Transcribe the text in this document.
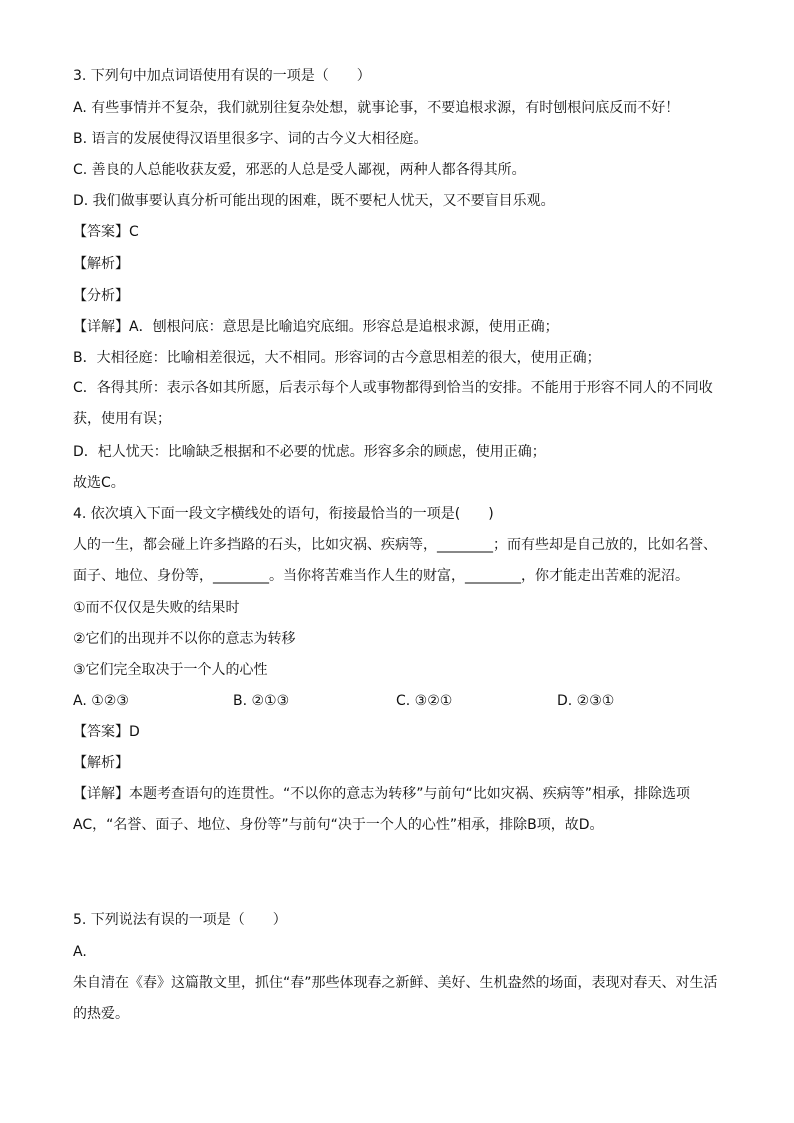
3. 下列句中加点词语使用有误的一项是（　　）
A. 有些事情并不复杂，我们就别往复杂处想，就事论事，不要追根求源，有时刨根问底反而不好！
B. 语言的发展使得汉语里很多字、词的古今义大相径庭。
C. 善良的人总能收获友爱，邪恶的人总是受人鄙视，两种人都各得其所。
D. 我们做事要认真分析可能出现的困难，既不要杞人忧天，又不要盲目乐观。
【答案】C
【解析】
【分析】
【详解】A．刨根问底：意思是比喻追究底细。形容总是追根求源，使用正确；
B．大相径庭：比喻相差很远，大不相同。形容词的古今意思相差的很大，使用正确；
C．各得其所：表示各如其所愿，后表示每个人或事物都得到恰当的安排。不能用于形容不同人的不同收获，使用有误；
D．杞人忧天：比喻缺乏根据和不必要的忧虑。形容多余的顾虑，使用正确；
故选C。
4. 依次填入下面一段文字横线处的语句，衔接最恰当的一项是(　　)
人的一生，都会碰上许多挡路的石头，比如灾祸、疾病等，________；而有些却是自己放的，比如名誉、面子、地位、身份等，________。当你将苦难当作人生的财富，________，你才能走出苦难的泥沼。
①而不仅仅是失败的结果时
②它们的出现并不以你的意志为转移
③它们完全取决于一个人的心性
A. ①②③	B. ②①③	C. ③②①	D. ②③①
【答案】D
【解析】
【详解】本题考查语句的连贯性。“不以你的意志为转移”与前句“比如灾祸、疾病等”相承，排除选项AC，“名誉、面子、地位、身份等”与前句“决于一个人的心性”相承，排除B项，故D。
5. 下列说法有误的一项是（　　）
A.
朱自清在《春》这篇散文里，抓住“春”那些体现春之新鲜、美好、生机盎然的场面，表现对春天、对生活的热爱。
